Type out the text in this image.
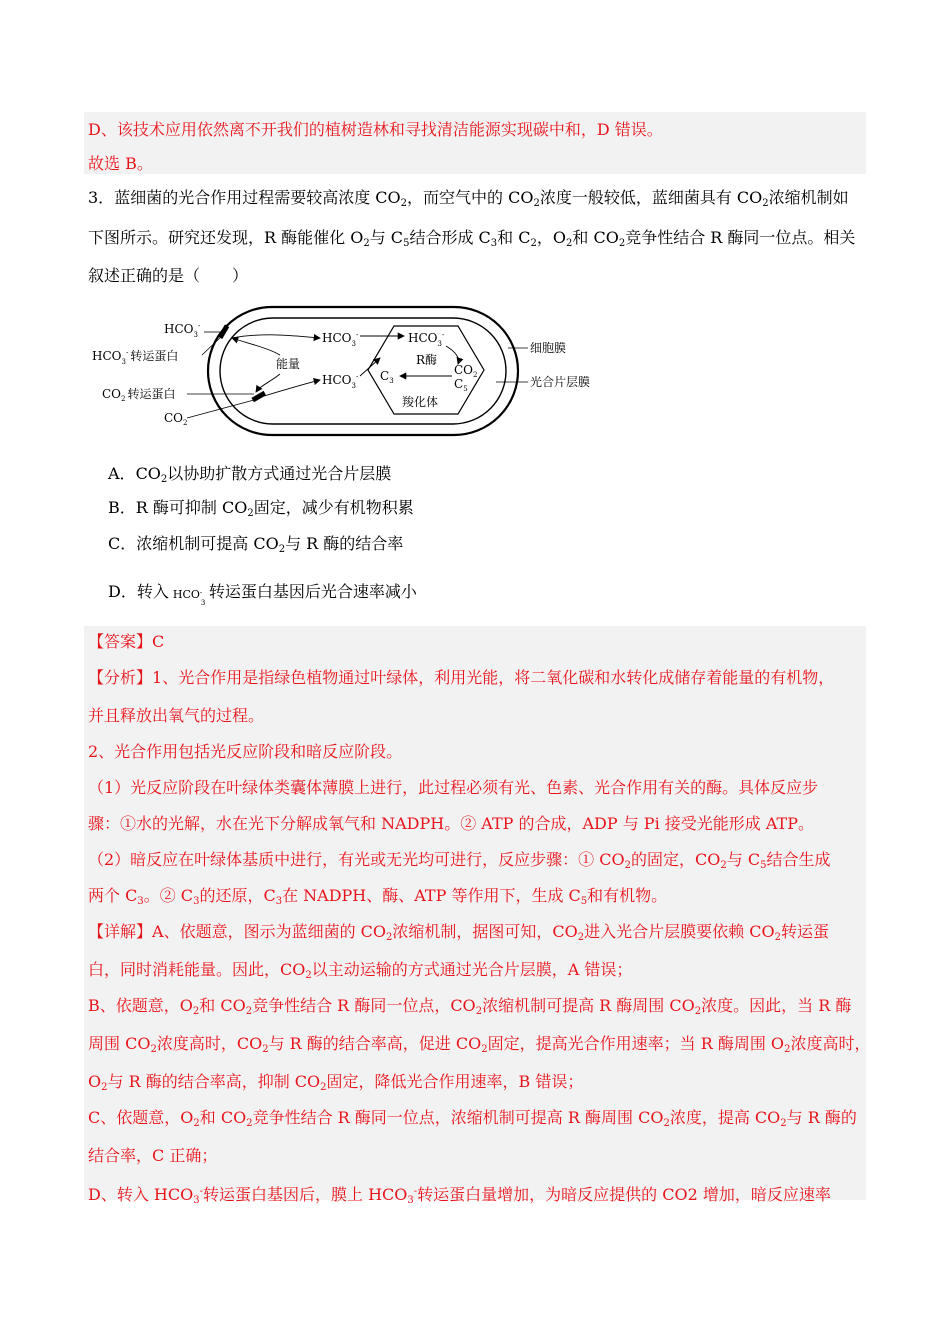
D、该技术应用依然离不开我们的植树造林和寻找清洁能源实现碳中和，D 错误。
故选 B。
3．蓝细菌的光合作用过程需要较高浓度 $CO_2$，而空气中的 $CO_2$浓度一般较低，蓝细菌具有 $CO_2$浓缩机制如
下图所示。研究还发现，R 酶能催化 $O_2$与 $C_5$结合形成 $C_3$和 $C_2$，$O_2$和 $CO_2$竞争性结合 R 酶同一位点。相关
叙述正确的是（　　）
$HCO_3^-$
$HCO_3^-$ 转运蛋白
$CO_2$ 转运蛋白
$CO_2$
能量
$HCO_3^-$
$HCO_3^-$
$HCO_3^-$
R酶
$CO_2$
$C_5$
$C_3$
羧化体
细胞膜
光合片层膜
A．$CO_2$以协助扩散方式通过光合片层膜
B．R 酶可抑制 $CO_2$固定，减少有机物积累
C．浓缩机制可提高 $CO_2$与 R 酶的结合率
D．转入 HCO -
3
转运蛋白基因后光合速率减小
【答案】C
【分析】1、光合作用是指绿色植物通过叶绿体，利用光能，将二氧化碳和水转化成储存着能量的有机物，
并且释放出氧气的过程。
2、光合作用包括光反应阶段和暗反应阶段。
（1）光反应阶段在叶绿体类囊体薄膜上进行，此过程必须有光、色素、光合作用有关的酶。具体反应步
骤：①水的光解，水在光下分解成氧气和 NADPH。② ATP 的合成，ADP 与 Pi 接受光能形成 ATP。
（2）暗反应在叶绿体基质中进行，有光或无光均可进行，反应步骤：① $CO_2$的固定，$CO_2$与 $C_5$结合生成
两个 $C_3$。② $C_3$的还原，$C_3$在 NADPH、酶、ATP 等作用下，生成 $C_5$和有机物。
【详解】A、依题意，图示为蓝细菌的 $CO_2$浓缩机制，据图可知，$CO_2$进入光合片层膜要依赖 $CO_2$转运蛋
白，同时消耗能量。因此，$CO_2$以主动运输的方式通过光合片层膜，A 错误；
B、依题意，$O_2$和 $CO_2$竞争性结合 R 酶同一位点，$CO_2$浓缩机制可提高 R 酶周围 $CO_2$浓度。因此，当 R 酶
周围 $CO_2$浓度高时，$CO_2$与 R 酶的结合率高，促进 $CO_2$固定，提高光合作用速率；当 R 酶周围 $O_2$浓度高时，
$O_2$与 R 酶的结合率高，抑制 $CO_2$固定，降低光合作用速率，B 错误；
C、依题意，$O_2$和 $CO_2$竞争性结合 R 酶同一位点，浓缩机制可提高 R 酶周围 $CO_2$浓度，提高 $CO_2$与 R 酶的
结合率，C 正确；
D、转入 $HCO_3^-$转运蛋白基因后，膜上 $HCO_3^-$转运蛋白量增加，为暗反应提供的 CO2 增加，暗反应速率
